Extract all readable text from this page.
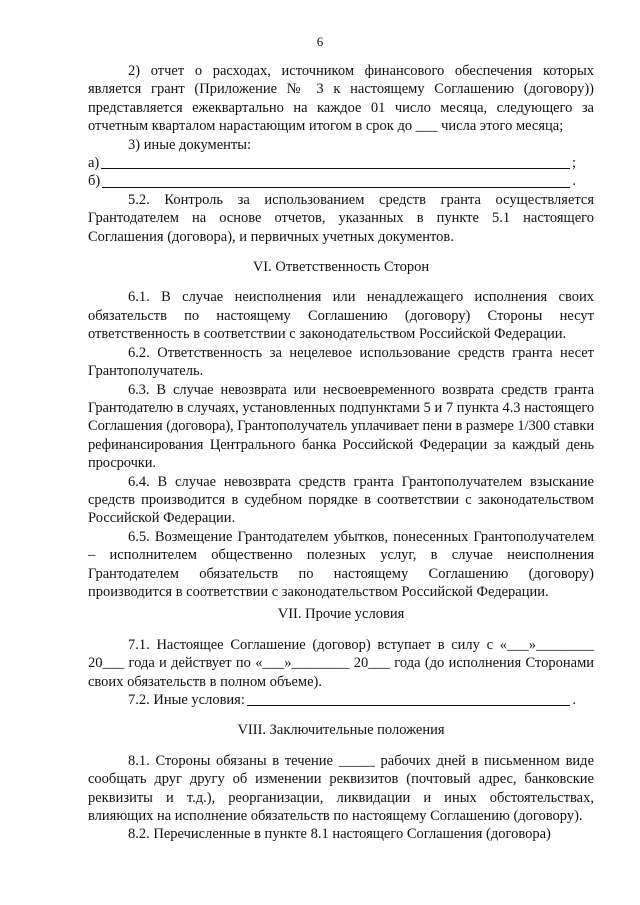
6

2) отчет о расходах, источником финансового обеспечения которых является грант (Приложение № 3 к настоящему Соглашению (договору)) представляется ежеквартально на каждое 01 число месяца, следующего за отчетным кварталом нарастающим итогом в срок до ___ числа этого месяца;

3) иные документы:

а)	;
б)	.

5.2. Контроль за использованием средств гранта осуществляется Грантодателем на основе отчетов, указанных в пункте 5.1 настоящего Соглашения (договора), и первичных учетных документов.

VI. Ответственность Сторон

6.1. В случае неисполнения или ненадлежащего исполнения своих обязательств по настоящему Соглашению (договору) Стороны несут ответственность в соответствии с законодательством Российской Федерации.

6.2. Ответственность за нецелевое использование средств гранта несет Грантополучатель.

6.3. В случае невозврата или несвоевременного возврата средств гранта Грантодателю в случаях, установленных подпунктами 5 и 7 пункта 4.3 настоящего Соглашения (договора), Грантополучатель уплачивает пени в размере 1/300 ставки рефинансирования Центрального банка Российской Федерации за каждый день просрочки.

6.4. В случае невозврата средств гранта Грантополучателем взыскание средств производится в судебном порядке в соответствии с законодательством Российской Федерации.

6.5. Возмещение Грантодателем убытков, понесенных Грантополучателем – исполнителем общественно полезных услуг, в случае неисполнения Грантодателем обязательств по настоящему Соглашению (договору) производится в соответствии с законодательством Российской Федерации.

VII. Прочие условия

7.1. Настоящее Соглашение (договор) вступает в силу с «___»________ 20___ года и действует по «___»________ 20___ года (до исполнения Сторонами своих обязательств в полном объеме).

7.2. Иные условия:	.

VIII. Заключительные положения

8.1. Стороны обязаны в течение _____ рабочих дней в письменном виде сообщать друг другу об изменении реквизитов (почтовый адрес, банковские реквизиты и т.д.), реорганизации, ликвидации и иных обстоятельствах, влияющих на исполнение обязательств по настоящему Соглашению (договору).

8.2. Перечисленные в пункте 8.1 настоящего Соглашения (договора)
